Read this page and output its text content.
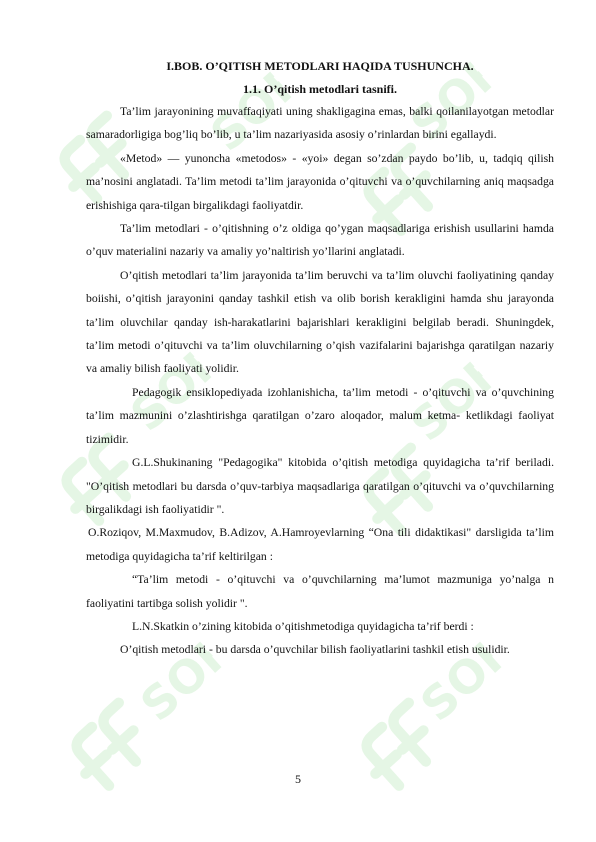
SOFF SOFF
SOFF	SOFF
SOFF	SOFF
I.BOB. O’QITISH METODLARI HAQIDA TUSHUNCHA.
1.1. O’qitish metodlari tasnifi.

Ta’lim jarayonining muvaffaqiyati uning shakligagina emas, balki qoilanilayotgan metodlar samaradorligiga bog’liq bo’lib, u ta’lim nazariyasida asosiy o’rinlardan birini egallaydi.

«Metod» — yunoncha «metodos» - «yoi» degan so’zdan paydo bo’lib, u, tadqiq qilish ma’nosini anglatadi. Ta’lim metodi ta’lim jarayonida o’qituvchi va o’quvchilarning aniq maqsadga erishishiga qara-tilgan birgalikdagi faoliyatdir.

Ta’lim metodlari - o’qitishning o’z oldiga qo’ygan maqsadlariga erishish usullarini hamda o’quv materialini nazariy va amaliy yo’naltirish yo’llarini anglatadi.

O’qitish metodlari ta’lim jarayonida ta’lim beruvchi va ta’lim oluvchi faoliyatining qanday boiishi, o’qitish jarayonini qanday tashkil etish va olib borish kerakligini hamda shu jarayonda ta’lim oluvchilar qanday ish-harakatlarini bajarishlari kerakligini belgilab beradi. Shuningdek, ta’lim metodi o’qituvchi va ta’lim oluvchilarning o’qish vazifalarini bajarishga qaratilgan nazariy va amaliy bilish faoliyati yolidir.

Pedagogik ensiklopediyada izohlanishicha, ta’lim metodi - o’qituvchi va o’quvchining ta’lim mazmunini o’zlashtirishga qaratilgan o’zaro aloqador, malum ketma- ketlikdagi faoliyat tizimidir.

G.L.Shukinaning "Pedagogika" kitobida o’qitish metodiga quyidagicha ta’rif beriladi. "O’qitish metodlari bu darsda o’quv-tarbiya maqsadlariga qaratilgan o’qituvchi va o’quvchilarning birgalikdagi ish faoliyatidir ".

O.Roziqov, M.Maxmudov, B.Adizov, A.Hamroyevlarning “Ona tili didaktikasi" darsligida ta’lim metodiga quyidagicha ta’rif keltirilgan :

“Ta’lim metodi - o’qituvchi va o’quvchilarning ma’lumot mazmuniga yo’nalga n faoliyatini tartibga solish yolidir ".

L.N.Skatkin o’zining kitobida o’qitishmetodiga quyidagicha ta’rif berdi :

O’qitish metodlari - bu darsda o’quvchilar bilish faoliyatlarini tashkil etish usulidir.

5
